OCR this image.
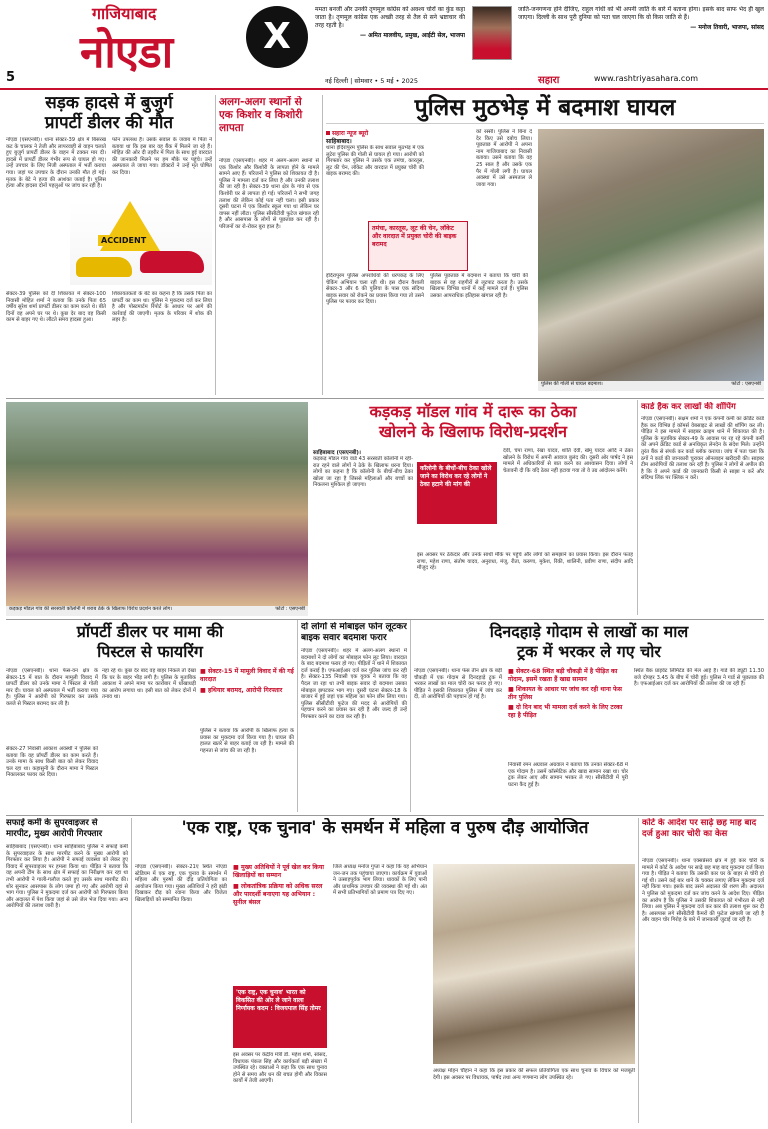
5
गाजियाबाद
नोएडा	X
ममता बनर्जी और उनकी तृणमूल कांग्रेस को अवश्य चोरों का कुंड कहा जाता है। तृणमूल कांग्रेस एक अच्छी तरह से तैल से सने भ्रष्टाचार की तरह रहती है।
— अमित मालवीय, प्रमुख, आईटी सेल, भाजपा
जाति-जनगणना होने दीजिए, राहुल गांधी को भी अपनी जाति के बारे में बताना होगा। इसके बाद साफ भेद ही खुल जाएगा। दिल्ली के साथ पूरी दुनिया को पता चल जाएगा कि वो किस जाति से हैं।
— मनोज तिवारी, भाजपा, सांसद
नई दिल्ली | सोमवार • 5 मई • 2025	सहारा	www.rashtriyasahara.com
सड़क हादसे में बुजुर्ग
प्रापर्टी डीलर की मौत
नोएडा (एसएनबी)। थाना सेक्टर-39 क्षेत्र में बिसरख कट के चालक ने तेजी और लापरवाही से वाहन चलाते हुए बुजुर्ग प्रापर्टी डीलर के वाहन में टक्कर मार दी। हादसे में प्रापर्टी डीलर गंभीर रूप से घायल हो गए। उन्हें उपचार के लिए निजी अस्पताल में भर्ती कराया गया। जहां पर उपचार के दौरान उनकी मौत हो गई। मृतक के बेटे ने हत्या की आशंका जताई है। पुलिस हत्या और हादसा दोनों पहलुओं पर जांच कर रही है।
फोन उपलब्ध हैं। उसके सवाल के जवाब में पिता ने बताया था कि इस बार वह बैंक में मिलने जा रहे हैं। मोहित की ओर दी तहरीर में पिता के साथ हुई वारदात की जानकारी मिलने पर हम मौके पर पहुंचे। उन्हें अस्पताल ले जाया गया। डॉक्टरों ने उन्हें मृत घोषित कर दिया।
ACCIDENT
सेक्टर-39 पुलिस को दी शिकायत में सेक्टर-100 निवासी मोहित शर्मा ने बताया कि उनके पिता 65 वर्षीय सुरेश शर्मा प्रापर्टी डीलर का काम करते थे। बीते दिनों वह अपने घर पर थे। कुछ देर बाद वह किसी काम से बाहर गए थे। लौटते समय हादसा हुआ।
शिकायतकर्ता के बेटे का कहना है कि उसके पिता का प्रापर्टी का काम था। पुलिस ने मुकदमा दर्ज कर लिया है और पोस्टमार्टम रिपोर्ट के आधार पर आगे की कार्रवाई की जाएगी। मृतक के परिवार में शोक की लहर है।
अलग-अलग स्थानों से एक किशोर व किशोरी लापता
नोएडा (एसएनबी)। शहर में अलग-अलग स्थानों से एक किशोर और किशोरी के लापता होने के मामले सामने आए हैं। परिजनों ने पुलिस को शिकायत दी है। पुलिस ने मामला दर्ज कर लिया है और उनकी तलाश की जा रही है। सेक्टर-39 थाना क्षेत्र के गांव से एक किशोरी घर से लापता हो गई। परिजनों ने सभी जगह तलाश की लेकिन कोई पता नहीं चला। इसी प्रकार दूसरी घटना में एक किशोर स्कूल गया था लेकिन घर वापस नहीं लौटा। पुलिस सीसीटीवी फुटेज खंगाल रही है और आसपास के लोगों से पूछताछ कर रही है। परिजनों का रो-रोकर बुरा हाल है।
पुलिस मुठभेड़ में बदमाश घायल
सहारा न्यूज ब्यूरो
साहिबाबाद।
थाना इंदिरापुरम पुलिस के साथ सवाल मुठभेड़ में एक लुटेरा पुलिस की गोली से घायल हो गया। आरोपी को गिरफ्तार कर पुलिस ने उसके एक तमंचा, कारतूस, लूट की चेन, लॉकेट और वारदात में प्रयुक्त चोरी की बाइक बरामद की।
इंदिरापुरम पुलिस अपराधियों की धरपकड़ के लिए चेकिंग अभियान चला रही थी। इस दौरान वैशाली सेक्टर-3 और 6 की पुलिया के पास एक संदिग्ध बाइक सवार को रोकने का प्रयास किया गया तो उसने पुलिस पर फायर कर दिया।
तमंचा, कारतूस, लूट की चेन, लॉकेट और वारदात में प्रयुक्त चोरी की बाइक बरामद
पुलिस पूछताछ में बदमाश ने बताया कि चोरी की बाइक से वह राहगीरों से लूटपाट करता है। उसके खिलाफ विभिन्न थानों में कई मामले दर्ज हैं। पुलिस उसका आपराधिक इतिहास खंगाल रही है।
को रस्सी। पुलिस ने बिना दे देर किए उसे दबोच लिया। पूछताछ में आरोपी ने अपना नाम गाजियाबाद का निवासी बताया। उसने बताया कि वह 25 साल है और उसके एक पैर में गोली लगी है। घायल अवस्था में उसे अस्पताल ले जाया गया।
पुलिस की गोली से घायल बदमाश।	फोटो : एसएनबी
कड़कड़ मॉडल गांव की सरस्वती कॉलोनी में शराब ठेके के खिलाफ विरोध प्रदर्शन करते लोग।	फोटो : एसएनबी
कड़कड़ मॉडल गांव में दारू का ठेका
खोलने के खिलाफ विरोध-प्रदर्शन
साहिबाबाद (एसएनबी)।
कड़कड़ मॉडल गांव वार्ड 43 सरस्वती कॉलोनी में रही-रात रहने वाले लोगों ने ठेके के खिलाफ धरना दिया। लोगों का कहना है कि कॉलोनी के बीचों-बीच ठेका खोला जा रहा है जिससे महिलाओं और बच्चों का निकलना मुश्किल हो जाएगा।
कॉलोनी के बीचों-बीच ठेका खोले जाने का विरोध कर रहे लोगों ने ठेका हटाने की मांग की
देवी, चंपा राणा, रेखा यादव, शांति देवी, खेमू यादव आदि ने ठेका खोलने के विरोध में अपनी आवाज बुलंद की। दूसरी ओर पार्षद ने इस मामले में अधिकारियों से बात करने का आश्वासन दिया। लोगों ने चेतावनी दी कि यदि ठेका नहीं हटाया गया तो वे उग्र आंदोलन करेंगे।
इस अवसर पर ठेकेदार और उनके साथी मौके पर पहुंचे और लोगों को समझाने का प्रयास किया। इस दौरान फतह राणा, महेश राणा, संतोष यादव, अनुराधा, मंजू, रीता, करुणा, मुकेश, रिंकी, शालिनी, प्रवीण राणा, संदीप आदि मौजूद रहे।
कार्ड हैक कर लाखों की शॉपिंग
नोएडा (एसएनबी)। सक्षम शर्मा ने एक कंपनी कर्मी का क्रेडिट कार्ड हैक कर विभिन्न ई कॉमर्स वेबसाइट से लाखों की शॉपिंग कर ली। पीड़ित ने इस मामले में साइबर क्राइम थाने में शिकायत की है। पुलिस के मुताबिक सेक्टर-49 के आवास पर रह रहे कंपनी कर्मी को अपने क्रेडिट कार्ड से अनधिकृत लेनदेन के संदेश मिले। उन्होंने तुरंत बैंक से संपर्क कर कार्ड ब्लॉक कराया। जांच में पता चला कि ठगों ने कार्ड की जानकारी चुराकर ऑनलाइन खरीदारी की। साइबर टीम आरोपियों की तलाश कर रही है। पुलिस ने लोगों से अपील की है कि वे अपने कार्ड की जानकारी किसी से साझा न करें और संदिग्ध लिंक पर क्लिक न करें।
प्रॉपर्टी डीलर पर मामा की
पिस्टल से फायरिंग
नोएडा (एसएनबी)। थाना फेस-वन क्षेत्र के सेक्टर-15 में बात के दौरान मामूली विवाद में प्रापर्टी डीलर को उनके मामा ने पिस्टल से गोली मार दी। घायल को अस्पताल में भर्ती कराया गया है। पुलिस ने आरोपी को गिरफ्तार कर उसके कब्जे से पिस्टल बरामद कर ली है।
सेक्टर-27 निवासी आकाश अवस्थी ने पुलिस को बताया कि वह प्रॉपर्टी डीलर का काम करते हैं। उनके मामा के साथ किसी बात को लेकर विवाद चल रहा था। कहासुनी के दौरान मामा ने पिस्टल निकालकर फायर कर दिया।
नहा रहे थे। कुछ देर बाद वह बाहर निकले तो देखा कि घर के बाहर भीड़ लगी है। पुलिस के मुताबिक आकाश ने अपने मामा पर कारोबार में धोखाधड़ी का आरोप लगाया था। इसी बात को लेकर दोनों में तनाव था।
■ सेक्टर-15 में मामूली विवाद में की गई वारदात
■ हथियार बरामद, आरोपी गिरफ्तार
पुलिस ने बताया कि आरोपी के खिलाफ हत्या के प्रयास का मुकदमा दर्ज किया गया है। घायल की हालत खतरे से बाहर बताई जा रही है। मामले की गहनता से जांच की जा रही है।
दो लोगों से मोबाइल फोन लूटकर
बाइक सवार बदमाश फरार
नोएडा (एसएनबी)। शहर में अलग-अलग स्थानों में बदमाशों ने दो लोगों का मोबाइल फोन लूट लिया। वारदात के बाद बदमाश फरार हो गए। पीड़ितों ने थाने में शिकायत दर्ज कराई है। एफआईआर दर्ज कर पुलिस जांच कर रही है। सेक्टर-135 निवासी एक युवक ने बताया कि वह पैदल जा रहा था तभी बाइक सवार दो बदमाश उसका मोबाइल झपटकर भाग गए। दूसरी घटना सेक्टर-18 के बाजार में हुई जहां एक महिला का फोन छीन लिया गया। पुलिस सीसीटीवी फुटेज की मदद से आरोपियों की पहचान करने का प्रयास कर रही है और जल्द ही उन्हें गिरफ्तार करने का दावा कर रही है।
दिनदहाड़े गोदाम से लाखों का माल
ट्रक में भरकर ले गए चोर
नोएडा (एसएनबी)। थाना फेस तीन क्षेत्र के बड़ी चौकड़ी में एक गोदाम से दिनदहाड़े ट्रक में भरकर लाखों का माल चोरी कर फरार हो गए। पीड़ित ने इसकी शिकायत पुलिस में जांच कर दी, तो आरोपियों की पहचान हो गई है।
■ सेक्टर-68 स्थित बड़ी चौकड़ी में है पीड़ित का गोदाम, इसमें रखता हैं खाद्य सामान
■ शिकायत के आधार पर जांच कर रही थाना फेस तीन पुलिस
■ दो दिन बाद भी मामला दर्ज करने के लिए टरका रहा है पीड़ित
निवासी रमन अग्रवाल अग्रवाल ने बताया कि उनका सेक्टर-68 में एक गोदाम है। उसमें कॉस्मेटिक और खाद्य सामान रखा था। चोर ट्रक लेकर आए और सामान भरकर ले गए। सीसीटीवी में पूरी घटना कैद हुई है।
स्थित बैंक प्राइवेट लिमिटेड की मेल आई है। गार्ड की ड्यूटी 11.30 बजे दोपहर 3.45 के बीच में चोरी हुई। पुलिस ने गार्ड से पूछताछ की है। एफआईआर दर्ज कर आरोपियों की तलाश की जा रही है।
सफाई कर्मी के सुपरवाइजर से
मारपीट, मुख्य आरोपी गिरफ्तार
साहिबाबाद (एसएनबी)। थाना साहिबाबाद पुलिस ने सफाई कर्मी के सुपरवाइजर के साथ मारपीट करने के मुख्य आरोपी को गिरफ्तार कर लिया है। आरोपी ने सफाई व्यवस्था को लेकर हुए विवाद में सुपरवाइजर पर हमला किया था। पीड़ित ने बताया कि वह अपनी टीम के साथ क्षेत्र में सफाई का निरीक्षण कर रहा था तभी आरोपी ने गाली-गलौज करते हुए उसके साथ मारपीट की। शोर सुनकर आसपास के लोग जमा हो गए और आरोपी वहां से भाग गया। पुलिस ने मुकदमा दर्ज कर आरोपी को गिरफ्तार किया और अदालत में पेश किया जहां से उसे जेल भेज दिया गया। अन्य आरोपियों की तलाश जारी है।
'एक राष्ट्र, एक चुनाव' के समर्थन में महिला व पुरुष दौड़ आयोजित
नोएडा (एसएनबी)। सेक्टर-21ए स्थित नोएडा स्टेडियम में एक राष्ट्र, एक चुनाव के समर्थन में महिला और पुरुषों की दौड़ प्रतियोगिता का आयोजन किया गया। मुख्य अतिथियों ने हरी झंडी दिखाकर दौड़ को रवाना किया और विजेता खिलाड़ियों को सम्मानित किया।
■ मुख्य अतिथियों ने पूर्व खेल कर किया खिलाड़ियों का सम्मान
■ लोकतांत्रिक प्रक्रिया को अधिक सरल और पारदर्शी बनाएगा यह अभियान : सुनील बंसल
'एक राष्ट्र, एक चुनाव' भारत को विकसित की ओर ले जाने वाला निर्णायक कदम : विजयपाल सिंह तोमर
इस अवसर पर केंद्रीय मंत्री डॉ. महेश शर्मा, सांसद, विधायक पंकज सिंह और कार्यकर्ता बड़ी संख्या में उपस्थित रहे। वक्ताओं ने कहा कि एक साथ चुनाव होने से समय और धन की बचत होगी और विकास कार्यों में तेजी आएगी।
जिले अध्यक्ष मनोज गुप्ता ने कहा कि यह अभियान जन-जन तक पहुंचाया जाएगा। कार्यक्रम में युवाओं ने उत्साहपूर्वक भाग लिया। धावकों के लिए पानी और प्राथमिक उपचार की व्यवस्था की गई थी। अंत में सभी प्रतिभागियों को प्रमाण पत्र दिए गए।
अध्यक्ष मोहन चौहान ने कहा कि इस प्रकार की सफल प्रतियोगिता एक साथ चुनाव के विचार को मजबूती देगी। इस अवसर पर विधायक, पार्षद तथा अन्य गणमान्य लोग उपस्थित रहे।
कोर्ट के आदेश पर साढ़े छह माह बाद दर्ज हुआ कार चोरी का केस
नोएडा (एसएनबी)। थाना एक्सप्रेसवे क्षेत्र में हुई कार चोरी के मामले में कोर्ट के आदेश पर साढ़े छह माह बाद मुकदमा दर्ज किया गया है। पीड़ित ने बताया कि उसकी कार घर के बाहर से चोरी हो गई थी। उसने कई बार थाने के चक्कर लगाए लेकिन मुकदमा दर्ज नहीं किया गया। इसके बाद उसने अदालत की शरण ली। अदालत ने पुलिस को मुकदमा दर्ज कर जांच करने के आदेश दिए। पीड़ित का आरोप है कि पुलिस ने उसकी शिकायत को गंभीरता से नहीं लिया। अब पुलिस ने मुकदमा दर्ज कर कार की तलाश शुरू कर दी है। आसपास लगे सीसीटीवी कैमरों की फुटेज खंगाली जा रही है और वाहन चोर गिरोह के बारे में जानकारी जुटाई जा रही है।
